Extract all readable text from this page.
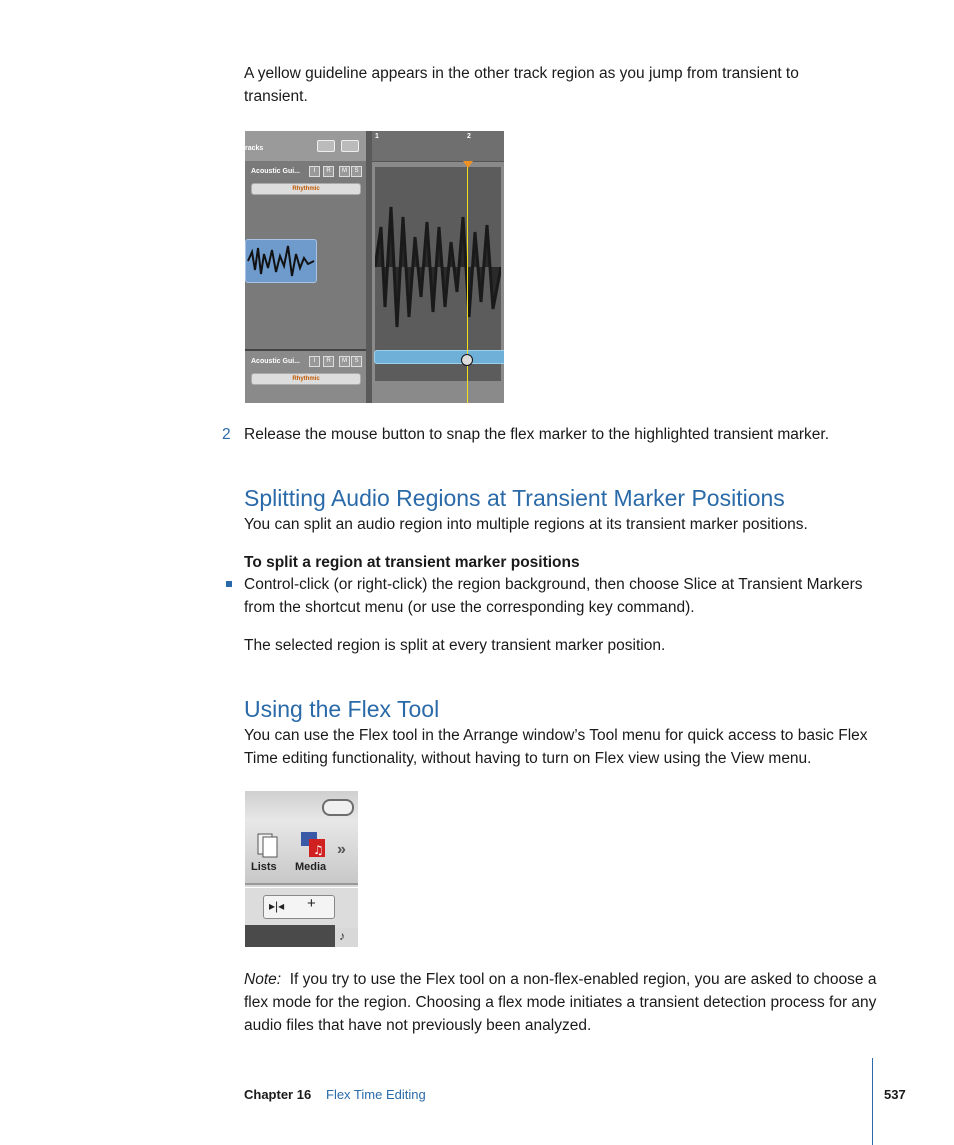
A yellow guideline appears in the other track region as you jump from transient to transient.
racks
Acoustic Gui...	I	R	M	S
Rhythmic
1	2
Acoustic Gui...	I	R	M	S
Rhythmic
2 Release the mouse button to snap the flex marker to the highlighted transient marker.
Splitting Audio Regions at Transient Marker Positions
You can split an audio region into multiple regions at its transient marker positions.
To split a region at transient marker positions
Control-click (or right-click) the region background, then choose Slice at Transient Markers from the shortcut menu (or use the corresponding key command).
The selected region is split at every transient marker position.
Using the Flex Tool
You can use the Flex tool in the Arrange window’s Tool menu for quick access to basic Flex Time editing functionality, without having to turn on Flex view using the View menu.
♫
Lists Media
»
▸|◂ +
♪
Note: If you try to use the Flex tool on a non-flex-enabled region, you are asked to choose a flex mode for the region. Choosing a flex mode initiates a transient detection process for any audio files that have not previously been analyzed.
Chapter 16 Flex Time Editing	537
